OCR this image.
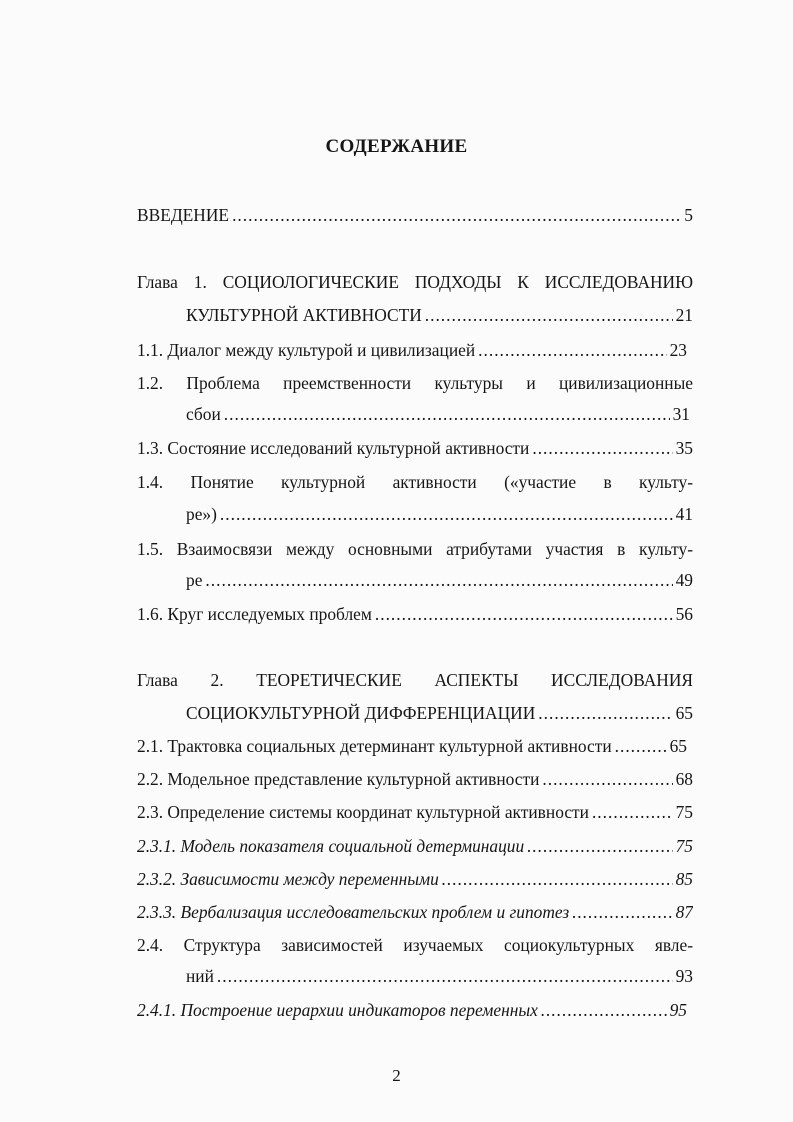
СОДЕРЖАНИЕ
ВВЕДЕНИЕ .....	5
Глава 1. СОЦИОЛОГИЧЕСКИЕ ПОДХОДЫ К ИССЛЕДОВАНИЮ
КУЛЬТУРНОЙ АКТИВНОСТИ .....	21
1.1. Диалог между культурой и цивилизацией .....	23
1.2. Проблема преемственности культуры и цивилизационные
сбои .....	31
1.3. Состояние исследований культурной активности .....	35
1.4. Понятие культурной активности («участие в культу-
ре») .....	41
1.5. Взаимосвязи между основными атрибутами участия в культу-
ре .....	49
1.6. Круг исследуемых проблем .....	56
Глава 2. ТЕОРЕТИЧЕСКИЕ АСПЕКТЫ ИССЛЕДОВАНИЯ
СОЦИОКУЛЬТУРНОЙ ДИФФЕРЕНЦИАЦИИ .....	65
2.1. Трактовка социальных детерминант культурной активности .....	65
2.2. Модельное представление культурной активности .....	68
2.3. Определение системы координат культурной активности .....	75
2.3.1. Модель показателя социальной детерминации .....	75
2.3.2. Зависимости между переменными .....	85
2.3.3. Вербализация исследовательских проблем и гипотез .....	87
2.4. Структура зависимостей изучаемых социокультурных явле-
ний .....	93
2.4.1. Построение иерархии индикаторов переменных .....	95
2
